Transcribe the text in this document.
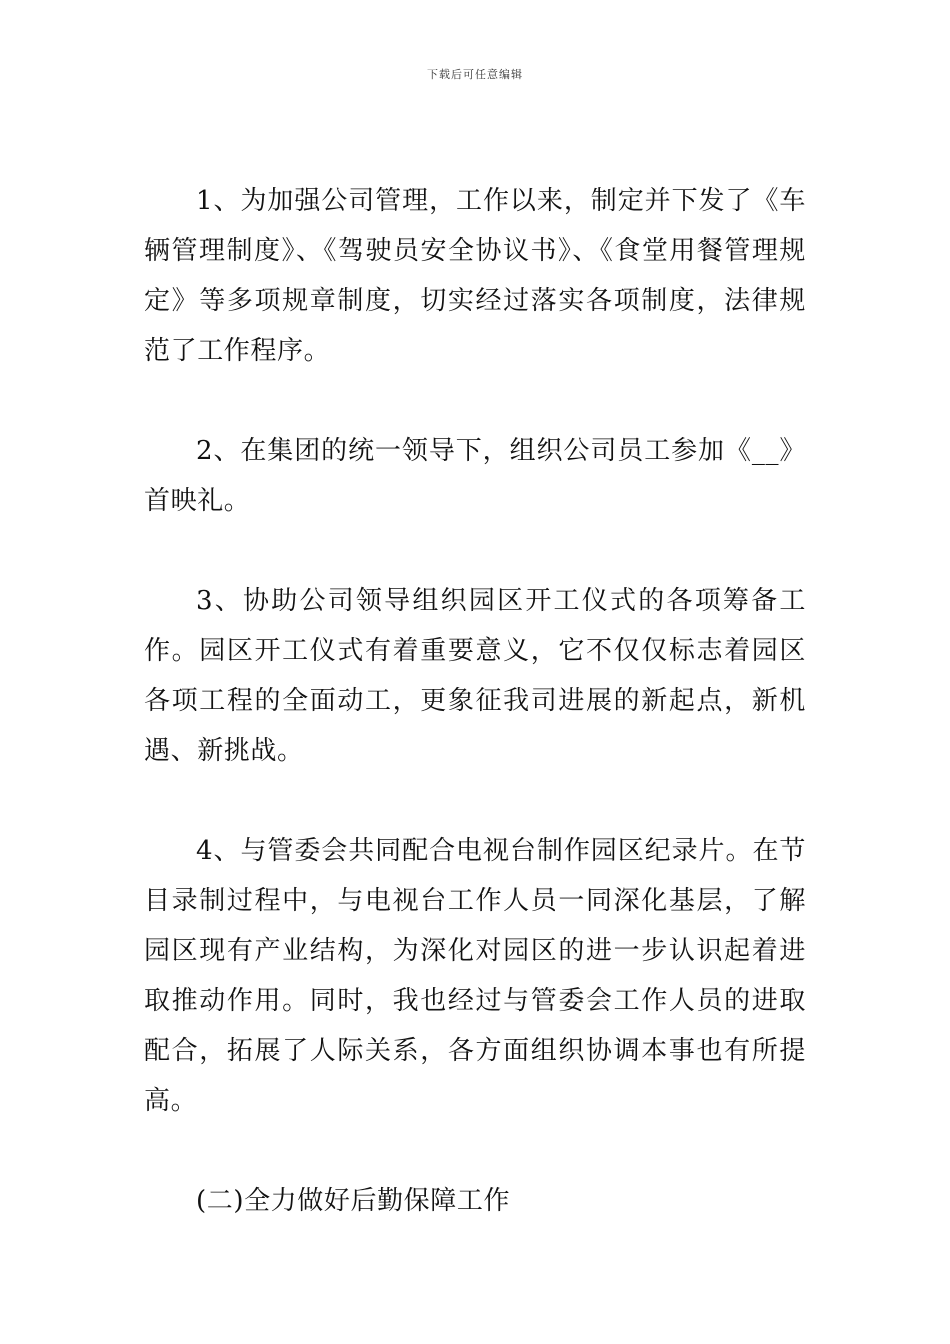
下载后可任意编辑

1、为加强公司管理，工作以来，制定并下发了《车辆管理制度》、《驾驶员安全协议书》、《食堂用餐管理规定》等多项规章制度，切实经过落实各项制度，法律规范了工作程序。

2、在集团的统一领导下，组织公司员工参加《__》首映礼。

3、协助公司领导组织园区开工仪式的各项筹备工作。园区开工仪式有着重要意义，它不仅仅标志着园区各项工程的全面动工，更象征我司进展的新起点，新机遇、新挑战。

4、与管委会共同配合电视台制作园区纪录片。在节目录制过程中，与电视台工作人员一同深化基层，了解园区现有产业结构，为深化对园区的进一步认识起着进取推动作用。同时，我也经过与管委会工作人员的进取配合，拓展了人际关系，各方面组织协调本事也有所提高。

(二)全力做好后勤保障工作
